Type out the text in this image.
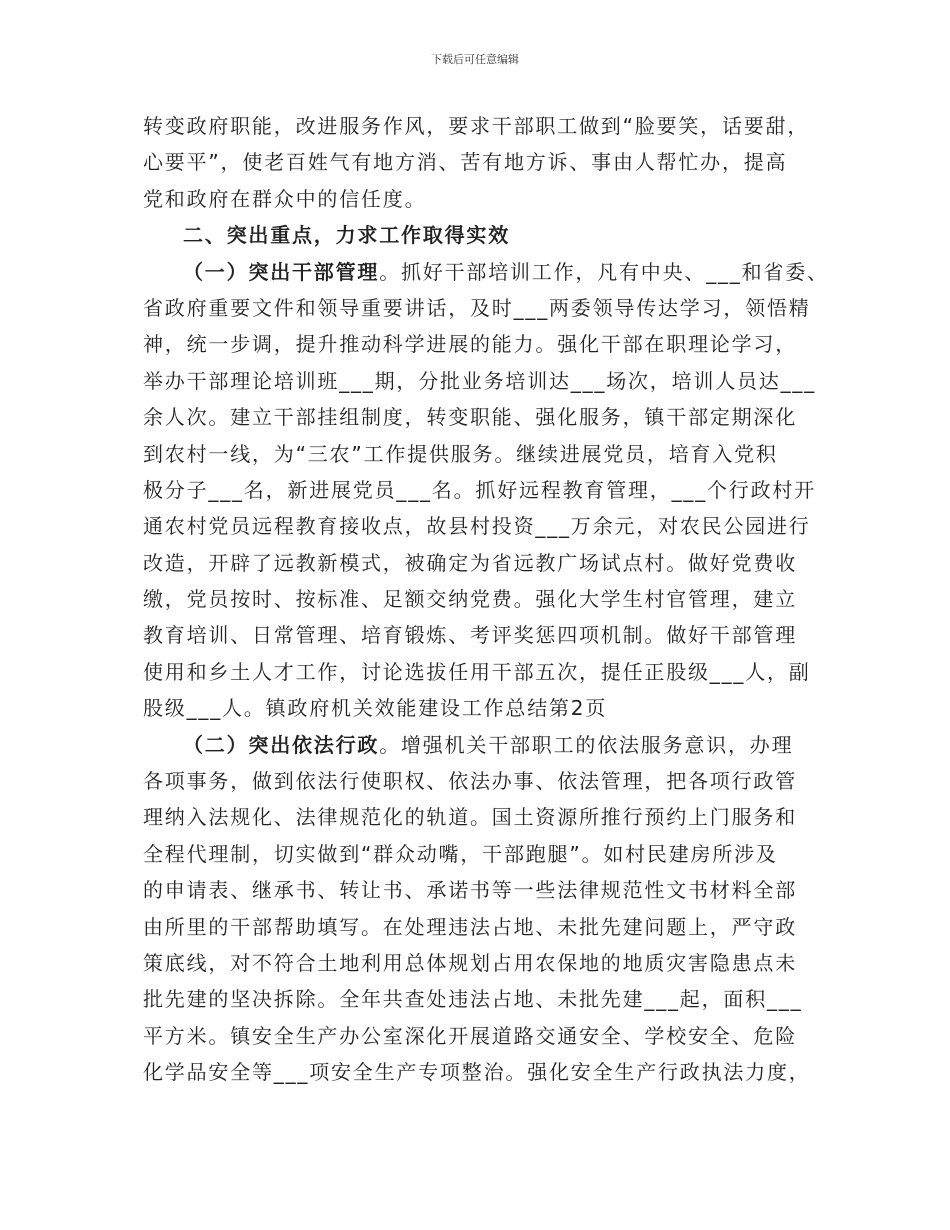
下载后可任意编辑
转变政府职能，改进服务作风，要求干部职工做到“脸要笑，话要甜，
心要平”，使老百姓气有地方消、苦有地方诉、事由人帮忙办，提高
党和政府在群众中的信任度。
二、突出重点，力求工作取得实效
（一）突出干部管理。抓好干部培训工作，凡有中央、___和省委、
省政府重要文件和领导重要讲话，及时___两委领导传达学习，领悟精
神，统一步调，提升推动科学进展的能力。强化干部在职理论学习，
举办干部理论培训班___期，分批业务培训达___场次，培训人员达___
余人次。建立干部挂组制度，转变职能、强化服务，镇干部定期深化
到农村一线，为“三农”工作提供服务。继续进展党员，培育入党积
极分子___名，新进展党员___名。抓好远程教育管理，___个行政村开
通农村党员远程教育接收点，故县村投资___万余元，对农民公园进行
改造，开辟了远教新模式，被确定为省远教广场试点村。做好党费收
缴，党员按时、按标准、足额交纳党费。强化大学生村官管理，建立
教育培训、日常管理、培育锻炼、考评奖惩四项机制。做好干部管理
使用和乡土人才工作，讨论选拔任用干部五次，提任正股级___人，副
股级___人。镇政府机关效能建设工作总结第2页
（二）突出依法行政。增强机关干部职工的依法服务意识，办理
各项事务，做到依法行使职权、依法办事、依法管理，把各项行政管
理纳入法规化、法律规范化的轨道。国土资源所推行预约上门服务和
全程代理制，切实做到“群众动嘴，干部跑腿”。如村民建房所涉及
的申请表、继承书、转让书、承诺书等一些法律规范性文书材料全部
由所里的干部帮助填写。在处理违法占地、未批先建问题上，严守政
策底线，对不符合土地利用总体规划占用农保地的地质灾害隐患点未
批先建的坚决拆除。全年共查处违法占地、未批先建___起，面积___
平方米。镇安全生产办公室深化开展道路交通安全、学校安全、危险
化学品安全等___项安全生产专项整治。强化安全生产行政执法力度，
